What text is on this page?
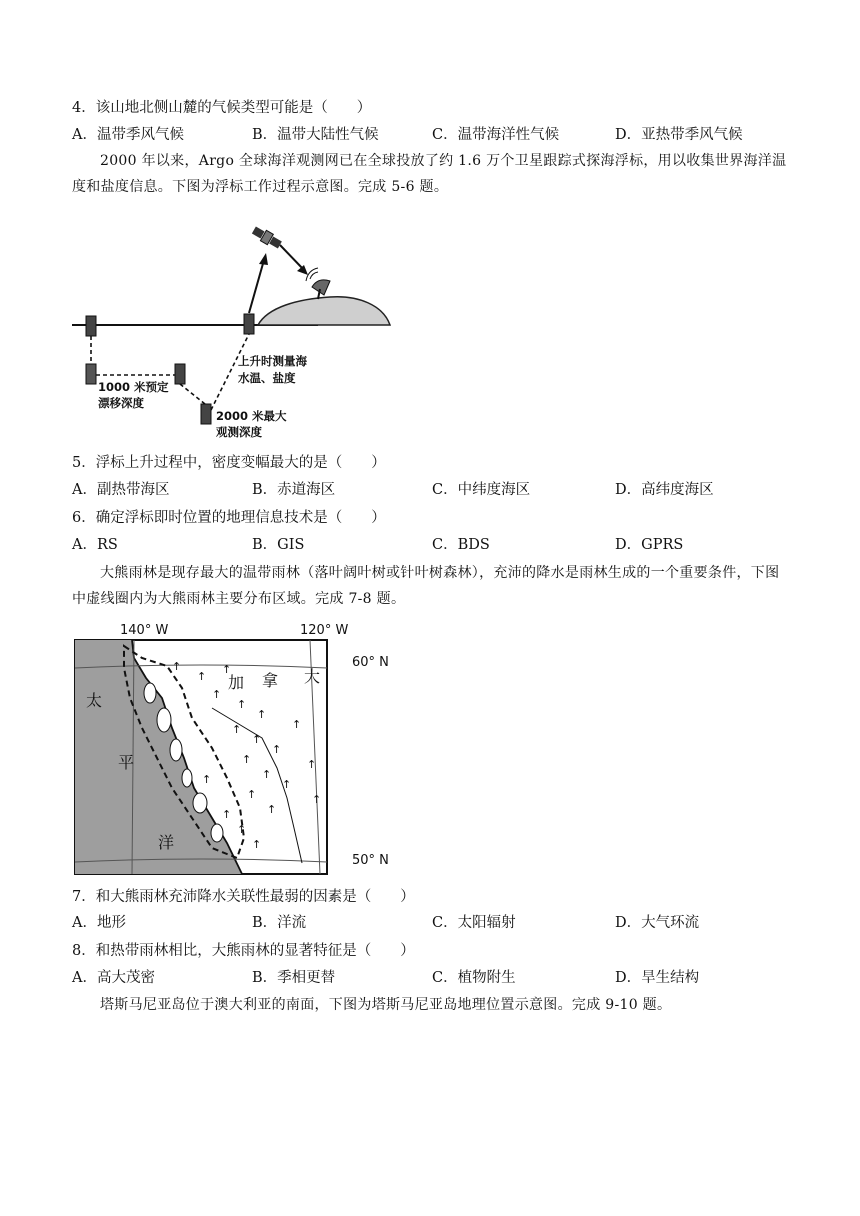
4．该山地北侧山麓的气候类型可能是（　　）
A．温带季风气候	B．温带大陆性气候	C．温带海洋性气候	D．亚热带季风气候
2000 年以来，Argo 全球海洋观测网已在全球投放了约 1.6 万个卫星跟踪式探海浮标，用以收集世界海洋温度和盐度信息。下图为浮标工作过程示意图。完成 5-6 题。
1000 米预定
漂移深度
2000 米最大
观测深度
上升时测量海
水温、盐度
5．浮标上升过程中，密度变幅最大的是（　　）
A．副热带海区	B．赤道海区	C．中纬度海区	D．高纬度海区
6．确定浮标即时位置的地理信息技术是（　　）
A．RS	B．GIS	C．BDS	D．GPRS
大熊雨林是现存最大的温带雨林（落叶阔叶树或针叶树森林），充沛的降水是雨林生成的一个重要条件，下图中虚线圈内为大熊雨林主要分布区域。完成 7-8 题。
↑
↑
↑
↑
↑
↑
↑
↑
↑
↑
↑
↑
↑
↑
↑
↑
↑
↑
↑
↑
↑
140° W	120° W
60° N
50° N
太
平
洋
加 拿 大
7．和大熊雨林充沛降水关联性最弱的因素是（　　）
A．地形	B．洋流	C．太阳辐射	D．大气环流
8．和热带雨林相比，大熊雨林的显著特征是（　　）
A．高大茂密	B．季相更替	C．植物附生	D．旱生结构
塔斯马尼亚岛位于澳大利亚的南面，下图为塔斯马尼亚岛地理位置示意图。完成 9-10 题。
